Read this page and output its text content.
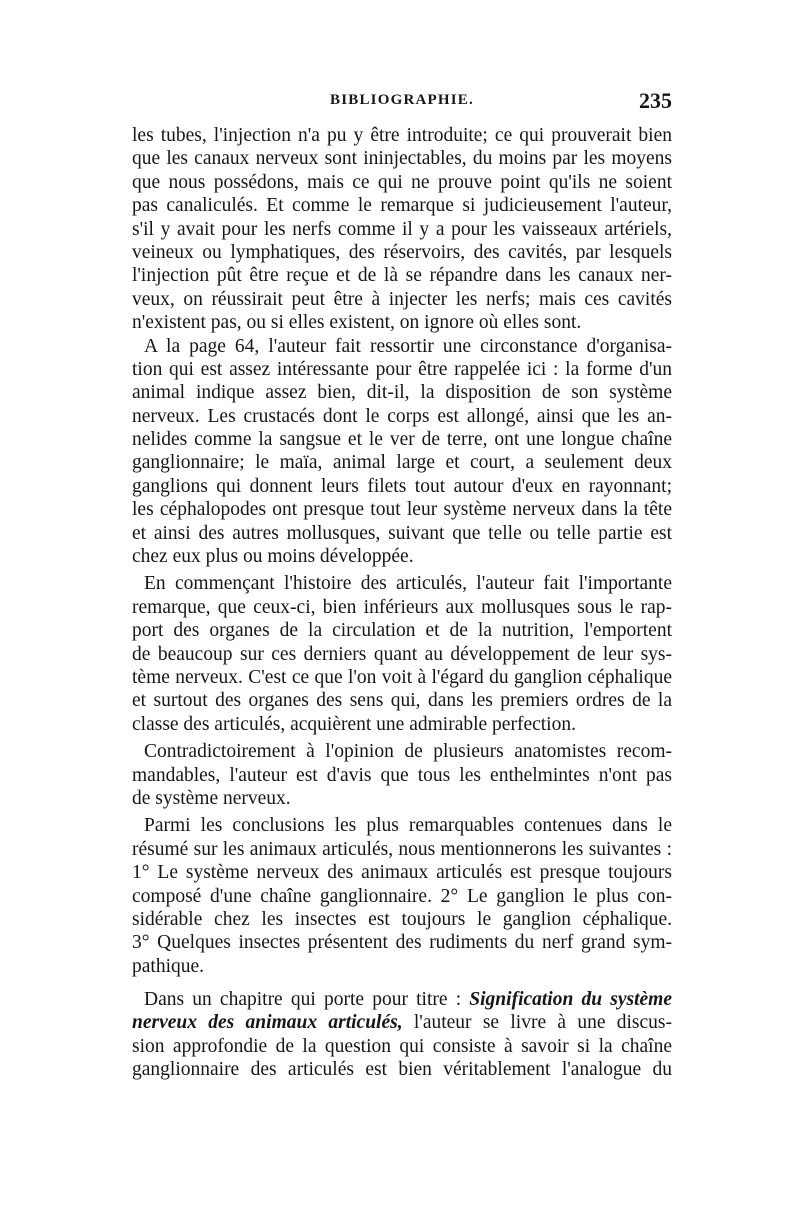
BIBLIOGRAPHIE.	235
les tubes, l'injection n'a pu y être introduite; ce qui prouverait bien
que les canaux nerveux sont ininjectables, du moins par les moyens
que nous possédons, mais ce qui ne prouve point qu'ils ne soient
pas canaliculés. Et comme le remarque si judicieusement l'auteur,
s'il y avait pour les nerfs comme il y a pour les vaisseaux artériels,
veineux ou lymphatiques, des réservoirs, des cavités, par lesquels
l'injection pût être reçue et de là se répandre dans les canaux ner-
veux, on réussirait peut être à injecter les nerfs; mais ces cavités
n'existent pas, ou si elles existent, on ignore où elles sont.
A la page 64, l'auteur fait ressortir une circonstance d'organisa-
tion qui est assez intéressante pour être rappelée ici : la forme d'un
animal indique assez bien, dit-il, la disposition de son système
nerveux. Les crustacés dont le corps est allongé, ainsi que les an-
nelides comme la sangsue et le ver de terre, ont une longue chaîne
ganglionnaire; le maïa, animal large et court, a seulement deux
ganglions qui donnent leurs filets tout autour d'eux en rayonnant;
les céphalopodes ont presque tout leur système nerveux dans la tête
et ainsi des autres mollusques, suivant que telle ou telle partie est
chez eux plus ou moins développée.
En commençant l'histoire des articulés, l'auteur fait l'importante
remarque, que ceux-ci, bien inférieurs aux mollusques sous le rap-
port des organes de la circulation et de la nutrition, l'emportent
de beaucoup sur ces derniers quant au développement de leur sys-
tème nerveux. C'est ce que l'on voit à l'égard du ganglion céphalique
et surtout des organes des sens qui, dans les premiers ordres de la
classe des articulés, acquièrent une admirable perfection.
Contradictoirement à l'opinion de plusieurs anatomistes recom-
mandables, l'auteur est d'avis que tous les enthelmintes n'ont pas
de système nerveux.
Parmi les conclusions les plus remarquables contenues dans le
résumé sur les animaux articulés, nous mentionnerons les suivantes :
1° Le système nerveux des animaux articulés est presque toujours
composé d'une chaîne ganglionnaire. 2° Le ganglion le plus con-
sidérable chez les insectes est toujours le ganglion céphalique.
3° Quelques insectes présentent des rudiments du nerf grand sym-
pathique.
Dans un chapitre qui porte pour titre : Signification du système
nerveux des animaux articulés, l'auteur se livre à une discus-
sion approfondie de la question qui consiste à savoir si la chaîne
ganglionnaire des articulés est bien véritablement l'analogue du
